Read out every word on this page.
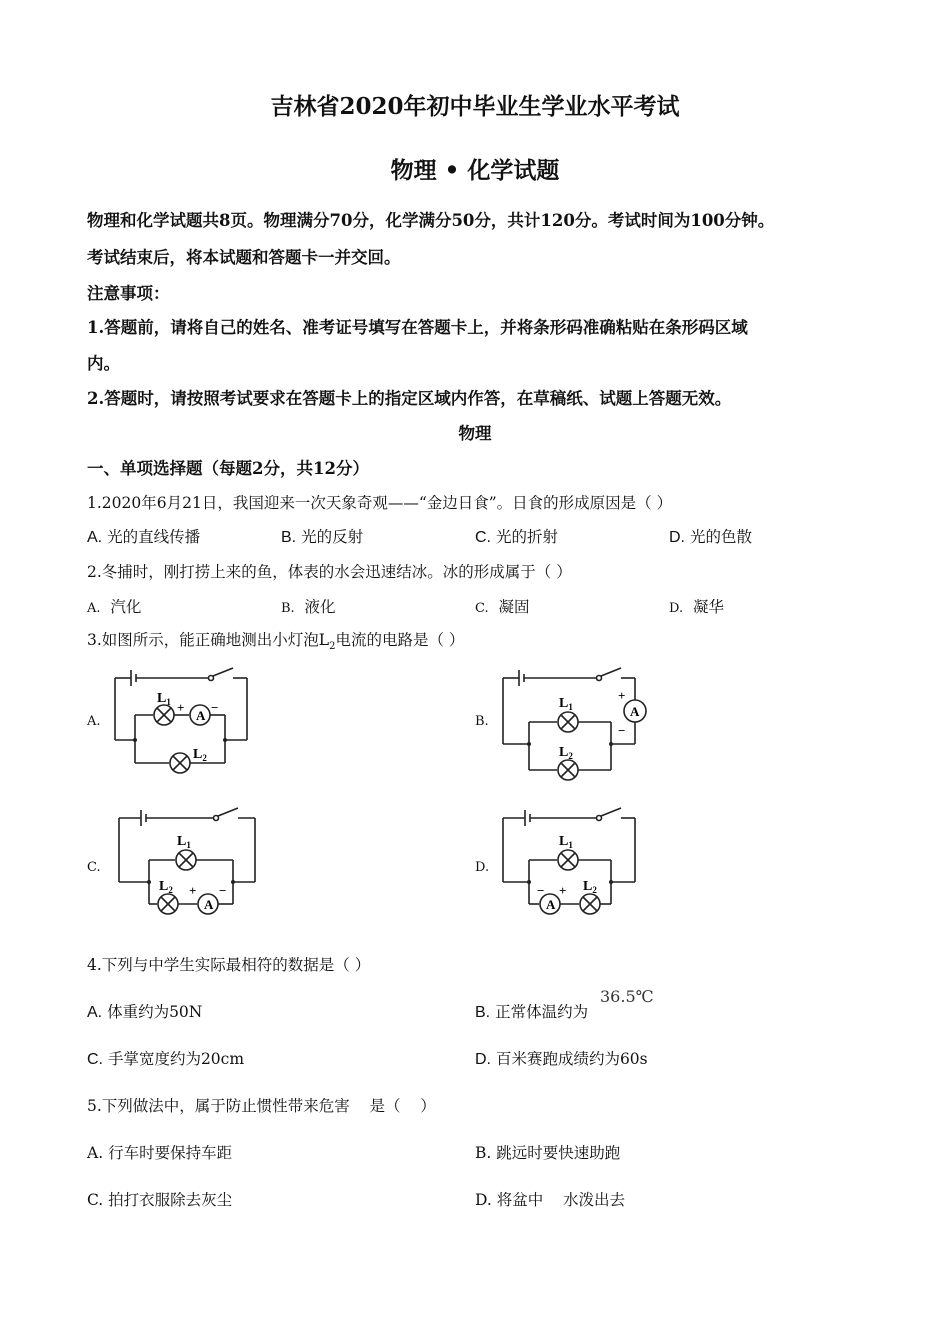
吉林省2020年初中毕业生学业水平考试
物理 • 化学试题
物理和化学试题共8页。物理满分70分，化学满分50分，共计120分。考试时间为100分钟。
考试结束后，将本试题和答题卡一并交回。
注意事项：
1.答题前，请将自己的姓名、准考证号填写在答题卡上，并将条形码准确粘贴在条形码区域
内。
2.答题时，请按照考试要求在答题卡上的指定区域内作答，在草稿纸、试题上答题无效。
物理
一、单项选择题（每题2分，共12分）
1.2020年6月21日，我国迎来一次天象奇观——“金边日食”。日食的形成原因是（ ）
A. 光的直线传播	B. 光的反射	C. 光的折射	D. 光的色散
2.冬捕时，刚打捞上来的鱼，体表的水会迅速结冰。冰的形成属于（ ）
A. 汽化	B. 液化	C. 凝固	D. 凝华
3.如图所示，能正确地测出小灯泡$L_2$电流的电路是（ ）
A.	B.
C.	D.
A
$L_1$ + −
$L_2$
A
+
−
$L_1$
$L_2$
A
+ −
$L_1$
$L_2$
A
− +
$L_1$
$L_2$
4.下列与中学生实际最相符的数据是（ ）
A. 体重约为50N	B. 正常体温约为
36.5℃
C. 手掌宽度约为20cm	D. 百米赛跑成绩约为60s
5.下列做法中，属于防止惯性带来危害    是（    ）
A. 行车时要保持车距	B. 跳远时要快速助跑
C. 拍打衣服除去灰尘	D. 将盆中    水泼出去
